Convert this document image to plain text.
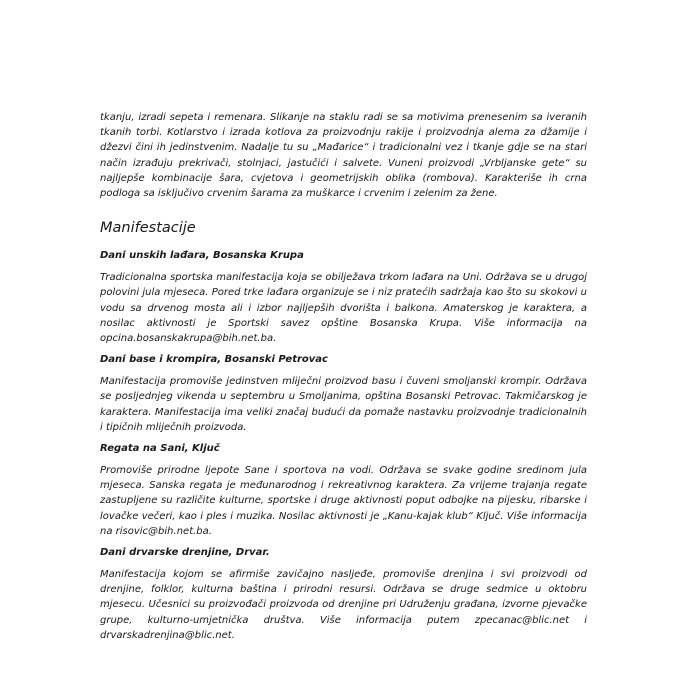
tkanju, izradi sepeta i remenara. Slikanje na staklu radi se sa motivima prenesenim sa iveranih tkanih torbi. Kotlarstvo i izrada kotlova za proizvodnju rakije i proizvodnja alema za džamije i džezvi čini ih jedinstvenim. Nadalje tu su „Mađarice“ i tradicionalni vez i tkanje gdje se na stari način izrađuju prekrivači, stolnjaci, jastučići i salvete. Vuneni proizvodi „Vrbljanske gete“ su najljepše kombinacije šara, cvjetova i geometrijskih oblika (rombova). Karakteriše ih crna podloga sa isključivo crvenim šarama za muškarce i crvenim i zelenim za žene.

Manifestacije
Dani unskih lađara, Bosanska Krupa

Tradicionalna sportska manifestacija koja se obilježava trkom lađara na Uni. Održava se u drugoj polovini jula mjeseca. Pored trke lađara organizuje se i niz pratećih sadržaja kao što su skokovi u vodu sa drvenog mosta ali i izbor najljepših dvorišta i balkona. Amaterskog je karaktera, a nosilac aktivnosti je Sportski savez opštine Bosanska Krupa. Više informacija na opcina.bosanskakrupa@bih.net.ba.

Dani base i krompira, Bosanski Petrovac

Manifestacija promoviše jedinstven mliječni proizvod basu i čuveni smoljanski krompir. Održava se posljednjeg vikenda u septembru u Smoljanima, opština Bosanski Petrovac. Takmičarskog je karaktera. Manifestacija ima veliki značaj budući da pomaže nastavku proizvodnje tradicionalnih i tipičnih mliječnih proizvoda.

Regata na Sani, Ključ

Promoviše prirodne ljepote Sane i sportova na vodi. Održava se svake godine sredinom jula mjeseca. Sanska regata je međunarodnog i rekreativnog karaktera. Za vrijeme trajanja regate zastupljene su različite kulturne, sportske i druge aktivnosti poput odbojke na pijesku, ribarske i lovačke večeri, kao i ples i muzika. Nosilac aktivnosti je „Kanu-kajak klub“ Ključ. Više informacija na risovic@bih.net.ba.

Dani drvarske drenjine, Drvar.

Manifestacija kojom se afirmiše zavičajno nasljeđe, promoviše drenjina i svi proizvodi od drenjine, folklor, kulturna baština i prirodni resursi. Održava se druge sedmice u oktobru mjesecu. Učesnici su proizvođači proizvoda od drenjine pri Udruženju građana, izvorne pjevačke grupe, kulturno-umjetnička društva. Više informacija putem zpecanac@blic.net i drvarskadrenjina@blic.net.
